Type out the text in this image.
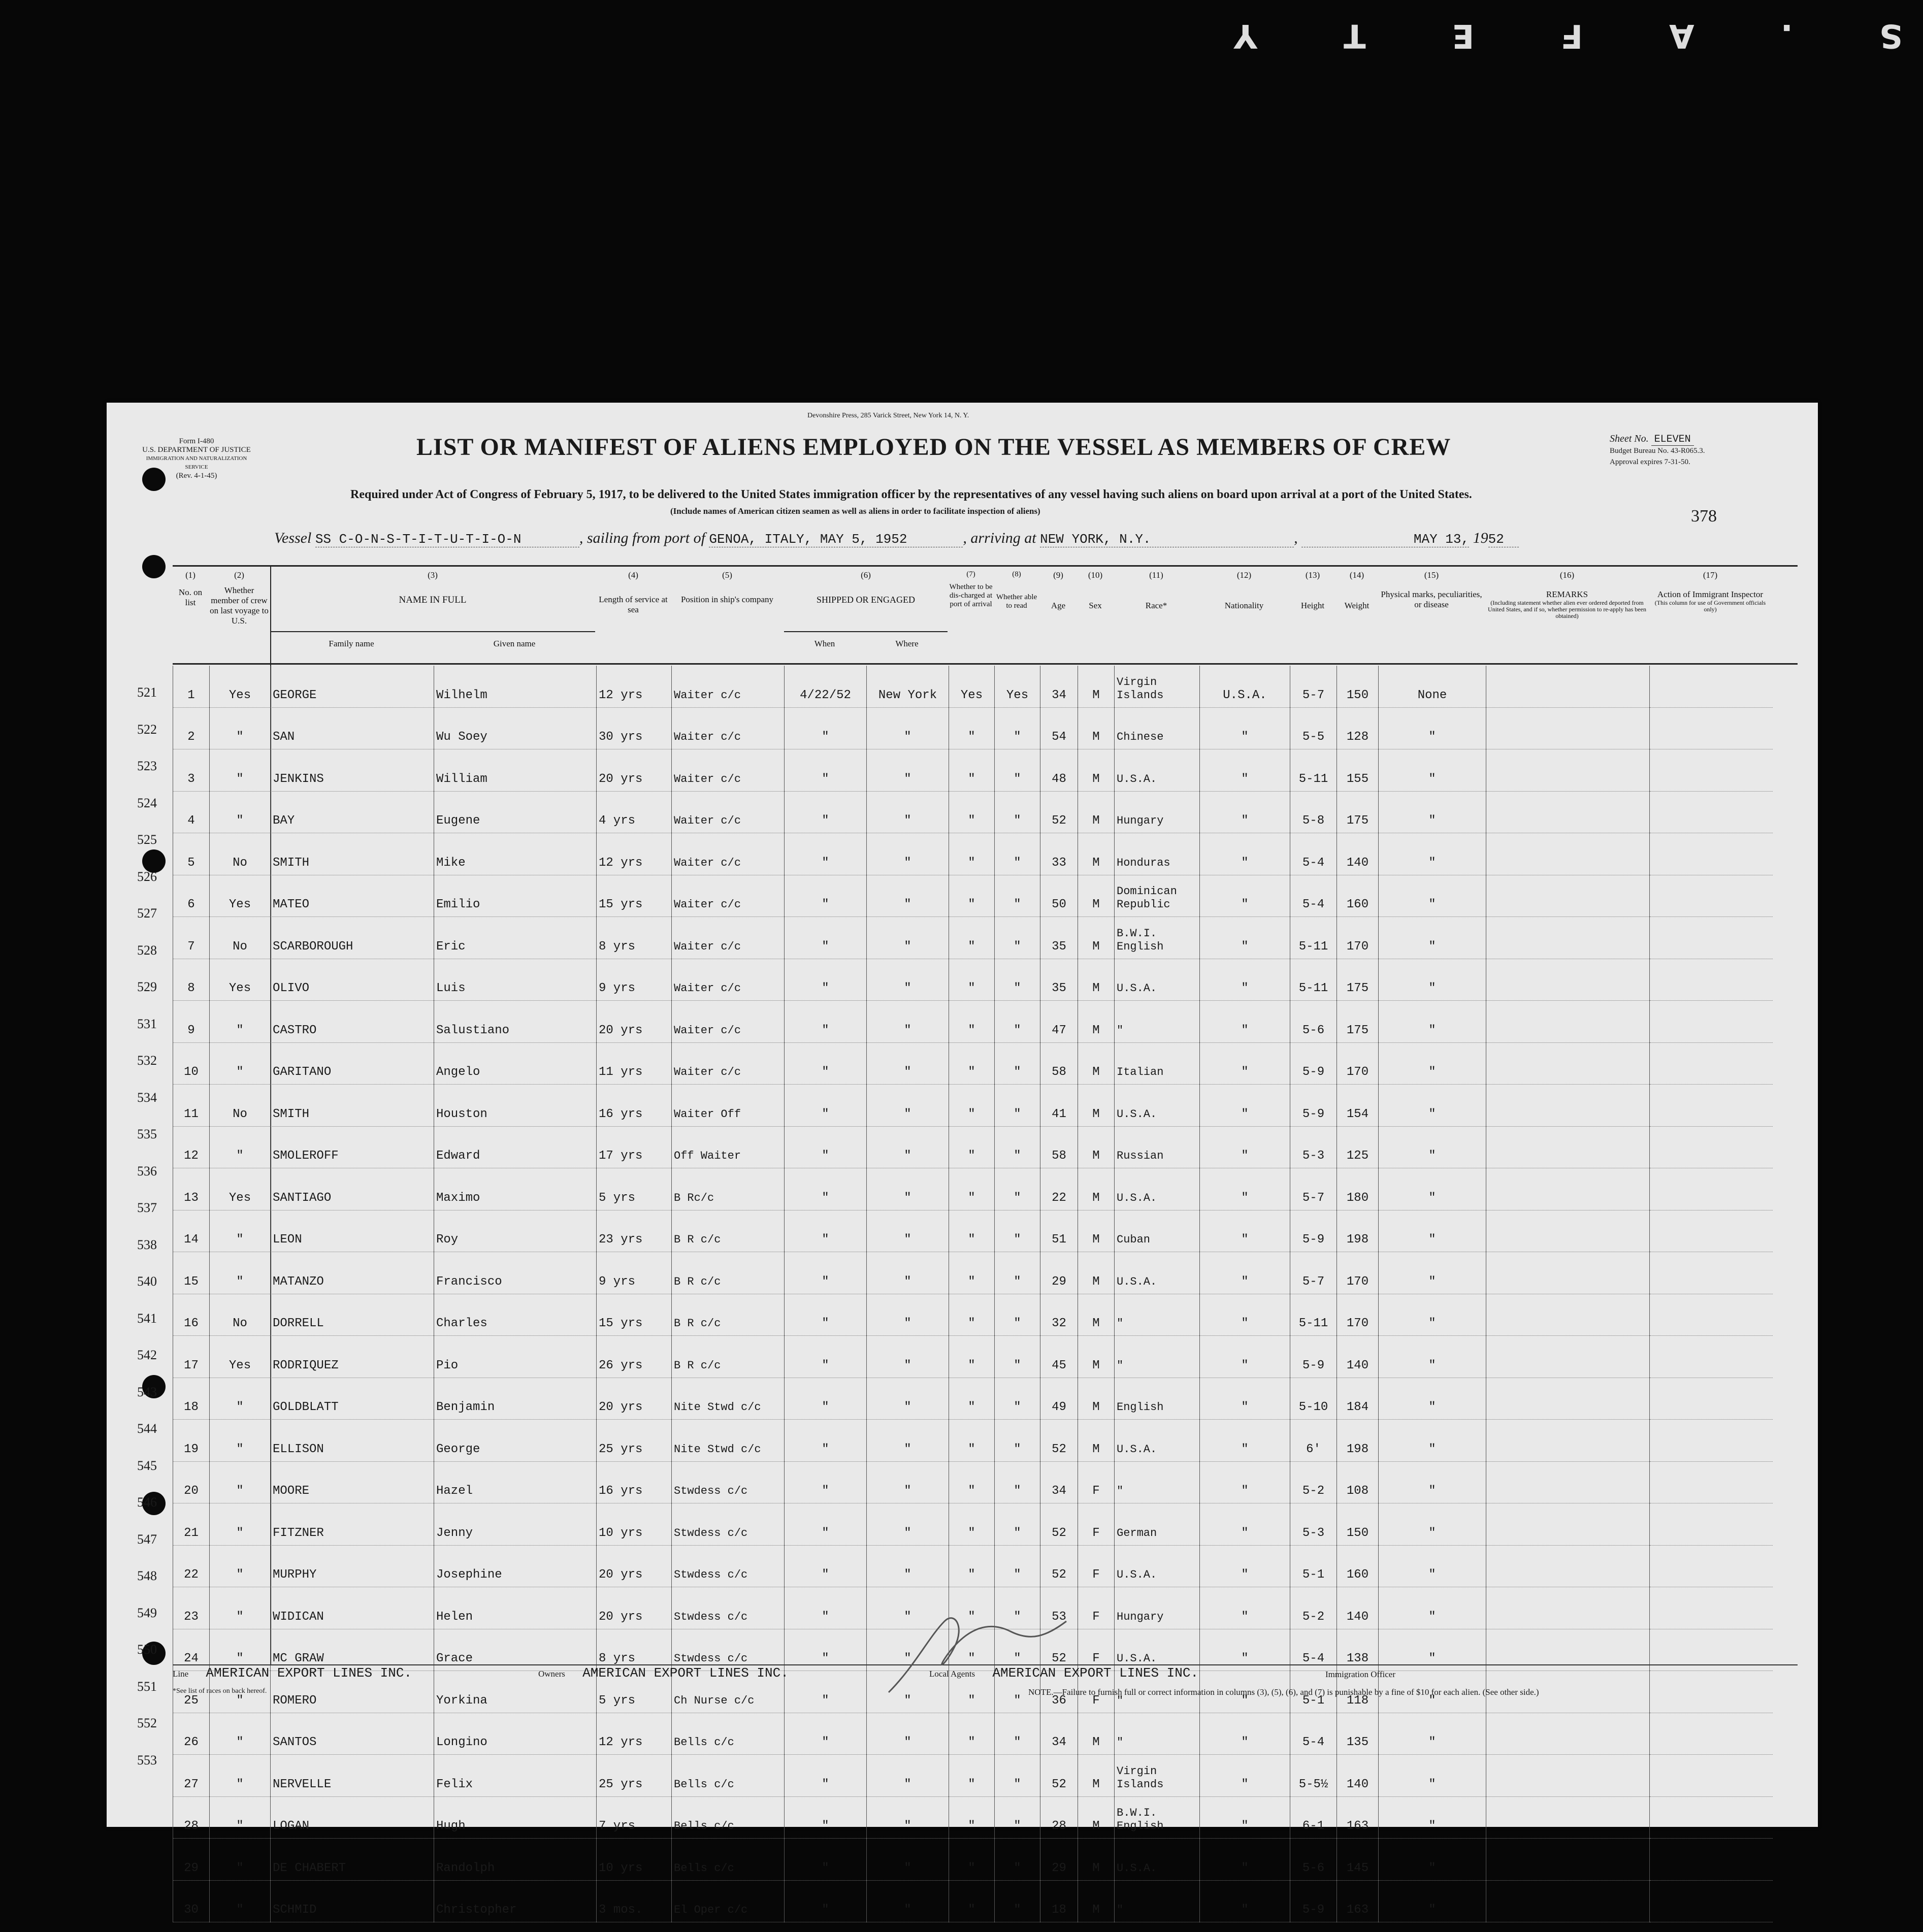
S.AFETY
Devonshire Press, 285 Varick Street, New York 14, N. Y.
Form I-480
U.S. DEPARTMENT OF JUSTICE
IMMIGRATION AND NATURALIZATION SERVICE
(Rev. 4-1-45)
LIST OR MANIFEST OF ALIENS EMPLOYED ON THE VESSEL AS MEMBERS OF CREW	Sheet No. ELEVEN
Budget Bureau No. 43-R065.3.
Approval expires 7-31-50.
Required under Act of Congress of February 5, 1917, to be delivered to the United States immigration officer by the representatives of any vessel having such aliens on board upon arrival at a port of the United States.
(Include names of American citizen seamen as well as aliens in order to facilitate inspection of aliens)	378
Vessel SS C-O-N-S-T-I-T-U-T-I-O-N	, sailing from port of GENOA, ITALY, MAY 5, 1952	, arriving at NEW YORK, N.Y.	,	MAY 13, 1952
(1)
No. on list
(2)
Whether member of crew on last voyage to U.S.
(3)
NAME IN FULL
Family name	Given name
(4)
Length of service at sea
(5)
Position in ship's company
(6)
SHIPPED OR ENGAGED
When	Where
(7)
Whether to be dis-charged at port of arrival
(8)
Whether able to read
(9)
Age
(10)
Sex
(11)
Race*
(12)
Nationality
(13)
Height
(14)
Weight
(15)
Physical marks, peculiarities, or disease
(16)
REMARKS
(Including statement whether alien ever ordered deported from United States, and if so, whether permission to re-apply has been obtained)
(17)
Action of Immigrant Inspector
(This column for use of Government officials only)
1	Yes	GEORGE	Wilhelm	12 yrs	Waiter c/c	4/22/52	New York	Yes	Yes	34	M	Virgin Islands	U.S.A.	5-7	150	None		
2	"	SAN	Wu Soey	30 yrs	Waiter c/c	"	"	"	"	54	M	Chinese	"	5-5	128	"		
3	"	JENKINS	William	20 yrs	Waiter c/c	"	"	"	"	48	M	U.S.A.	"	5-11	155	"		
4	"	BAY	Eugene	4 yrs	Waiter c/c	"	"	"	"	52	M	Hungary	"	5-8	175	"		
5	No	SMITH	Mike	12 yrs	Waiter c/c	"	"	"	"	33	M	Honduras	"	5-4	140	"		
6	Yes	MATEO	Emilio	15 yrs	Waiter c/c	"	"	"	"	50	M	Dominican Republic	"	5-4	160	"		
7	No	SCARBOROUGH	Eric	8 yrs	Waiter c/c	"	"	"	"	35	M	B.W.I. English	"	5-11	170	"		
8	Yes	OLIVO	Luis	9 yrs	Waiter c/c	"	"	"	"	35	M	U.S.A.	"	5-11	175	"		
9	"	CASTRO	Salustiano	20 yrs	Waiter c/c	"	"	"	"	47	M	"	"	5-6	175	"		
10	"	GARITANO	Angelo	11 yrs	Waiter c/c	"	"	"	"	58	M	Italian	"	5-9	170	"		
11	No	SMITH	Houston	16 yrs	Waiter Off	"	"	"	"	41	M	U.S.A.	"	5-9	154	"		
12	"	SMOLEROFF	Edward	17 yrs	Off Waiter	"	"	"	"	58	M	Russian	"	5-3	125	"		
13	Yes	SANTIAGO	Maximo	5 yrs	B Rc/c	"	"	"	"	22	M	U.S.A.	"	5-7	180	"		
14	"	LEON	Roy	23 yrs	B R c/c	"	"	"	"	51	M	Cuban	"	5-9	198	"		
15	"	MATANZO	Francisco	9 yrs	B R c/c	"	"	"	"	29	M	U.S.A.	"	5-7	170	"		
16	No	DORRELL	Charles	15 yrs	B R c/c	"	"	"	"	32	M	"	"	5-11	170	"		
17	Yes	RODRIQUEZ	Pio	26 yrs	B R c/c	"	"	"	"	45	M	"	"	5-9	140	"		
18	"	GOLDBLATT	Benjamin	20 yrs	Nite Stwd c/c	"	"	"	"	49	M	English	"	5-10	184	"		
19	"	ELLISON	George	25 yrs	Nite Stwd c/c	"	"	"	"	52	M	U.S.A.	"	6'	198	"		
20	"	MOORE	Hazel	16 yrs	Stwdess c/c	"	"	"	"	34	F	"	"	5-2	108	"		
21	"	FITZNER	Jenny	10 yrs	Stwdess c/c	"	"	"	"	52	F	German	"	5-3	150	"		
22	"	MURPHY	Josephine	20 yrs	Stwdess c/c	"	"	"	"	52	F	U.S.A.	"	5-1	160	"		
23	"	WIDICAN	Helen	20 yrs	Stwdess c/c	"	"	"	"	53	F	Hungary	"	5-2	140	"		
24	"	MC GRAW	Grace	8 yrs	Stwdess c/c	"	"	"	"	52	F	U.S.A.	"	5-4	138	"		
25	"	ROMERO	Yorkina	5 yrs	Ch Nurse c/c	"	"	"	"	36	F	"	"	5-1	118	"		
26	"	SANTOS	Longino	12 yrs	Bells c/c	"	"	"	"	34	M	"	"	5-4	135	"		
27	"	NERVELLE	Felix	25 yrs	Bells c/c	"	"	"	"	52	M	Virgin Islands	"	5-5½	140	"		
28	"	LOGAN	Hugh	7 yrs	Bells c/c	"	"	"	"	28	M	B.W.I. English	"	6-1	163	"		
29	"	DE CHABERT	Randolph	10 yrs	Bells c/c	"	"	"	"	29	M	U.S.A.	"	5-6	145	"		
30	"	SCHMID	Christopher	3 mos.	El Oper c/c	"	"	"	"	18	M	"	"	5-9	163	"		
521
522
523
524
525
526
527
528
529
531
532
534
535
536
537
538
540
541
542
543
544
545
546
547
548
549
550
551
552
553
Line AMERICAN EXPORT LINES INC.	Owners AMERICAN EXPORT LINES INC.	Local Agents AMERICAN EXPORT LINES INC.	Immigration Officer
*See list of races on back hereof.	NOTE.—Failure to furnish full or correct information in columns (3), (5), (6), and (7) is punishable by a fine of $10 for each alien. (See other side.)
